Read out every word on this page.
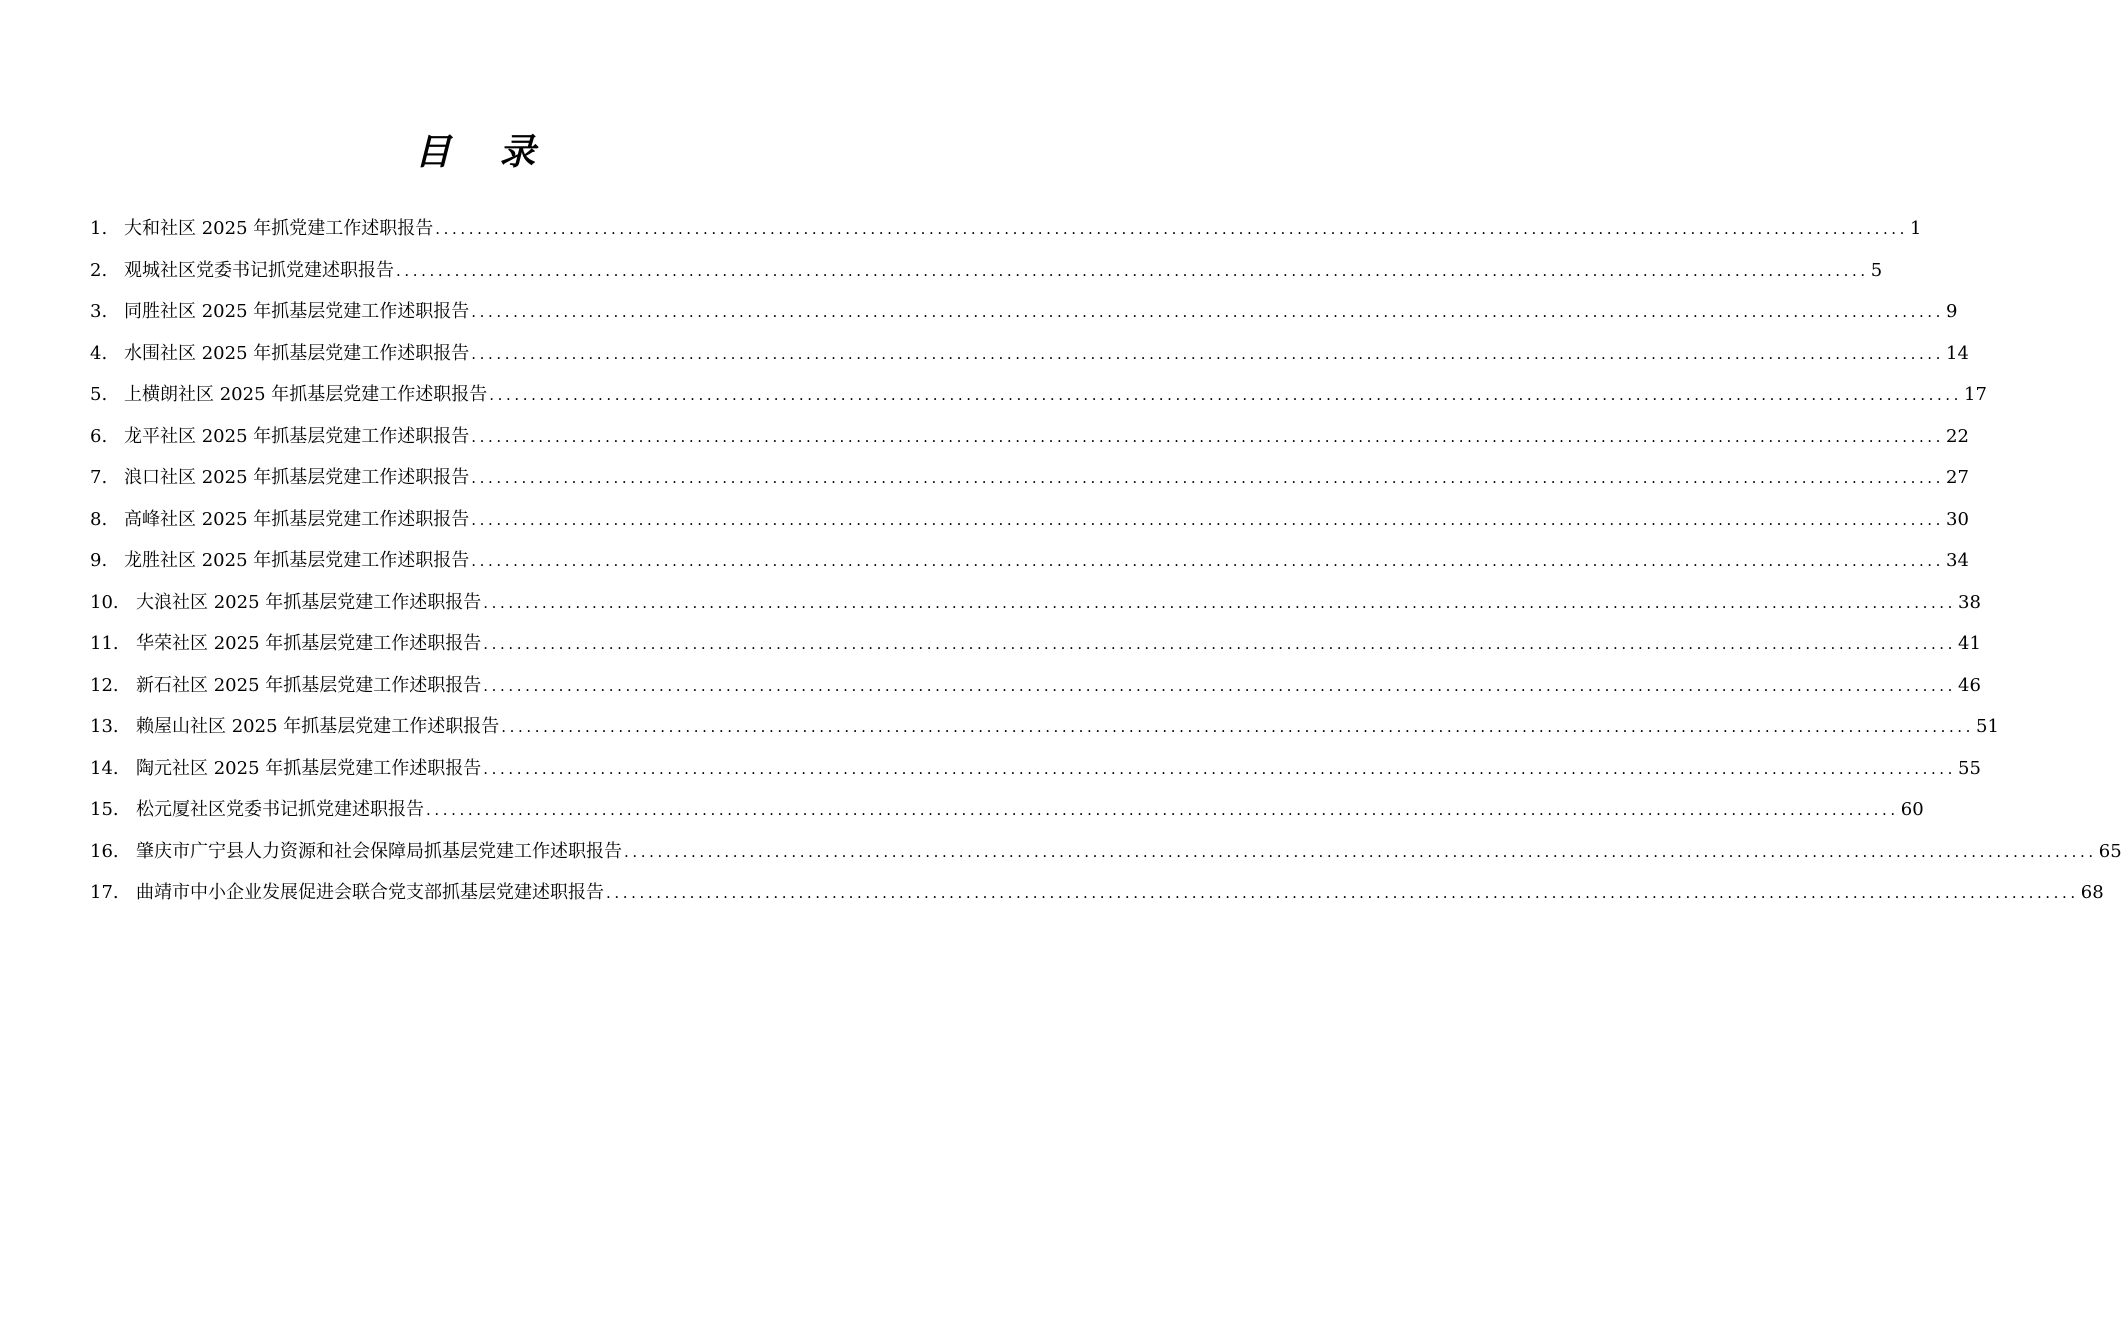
目 录
1. 大和社区 2025 年抓党建工作述职报告 .....	1
2. 观城社区党委书记抓党建述职报告 .....	5
3. 同胜社区 2025 年抓基层党建工作述职报告 .....	9
4. 水围社区 2025 年抓基层党建工作述职报告 .....	14
5. 上横朗社区 2025 年抓基层党建工作述职报告 .....	17
6. 龙平社区 2025 年抓基层党建工作述职报告 .....	22
7. 浪口社区 2025 年抓基层党建工作述职报告 .....	27
8. 高峰社区 2025 年抓基层党建工作述职报告 .....	30
9. 龙胜社区 2025 年抓基层党建工作述职报告 .....	34
10. 大浪社区 2025 年抓基层党建工作述职报告 .....	38
11. 华荣社区 2025 年抓基层党建工作述职报告 .....	41
12. 新石社区 2025 年抓基层党建工作述职报告 .....	46
13. 赖屋山社区 2025 年抓基层党建工作述职报告 .....	51
14. 陶元社区 2025 年抓基层党建工作述职报告 .....	55
15. 松元厦社区党委书记抓党建述职报告 .....	60
16. 肇庆市广宁县人力资源和社会保障局抓基层党建工作述职报告 .....	65
17. 曲靖市中小企业发展促进会联合党支部抓基层党建述职报告 .....	68
